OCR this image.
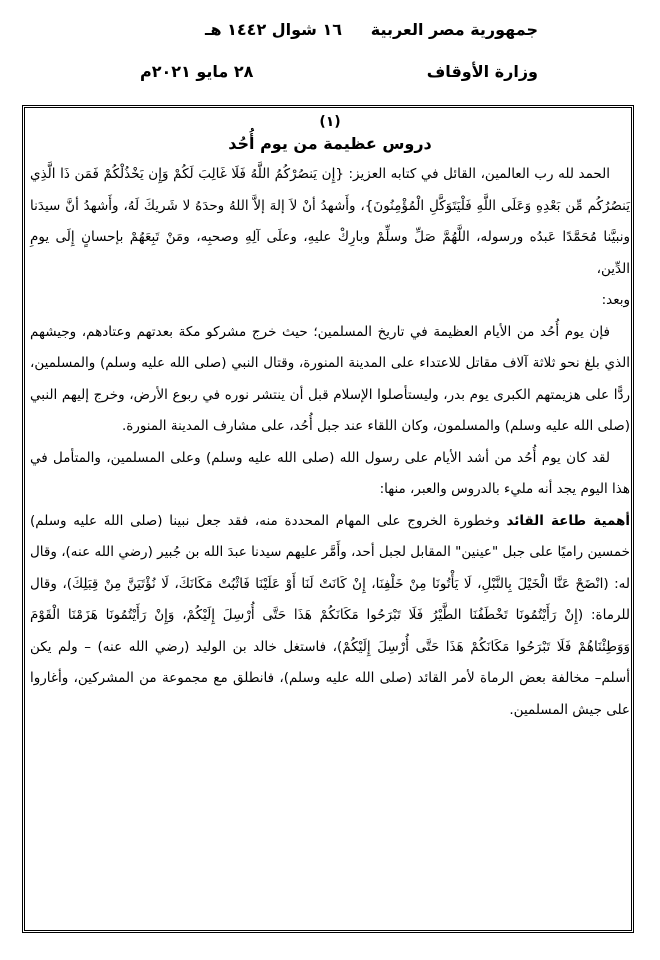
جمهورية مصر العربية
وزارة الأوقاف
١٦ شوال ١٤٤٢ هـ
٢٨ مايو ٢٠٢١م
(١)
دروس عظيمة من يوم أُحُد

الحمد لله رب العالمين، القائل في كتابه العزيز: {إِن يَنصُرْكُمُ اللَّهُ فَلَا غَالِبَ لَكُمْ وَإِن يَخْذُلْكُمْ فَمَن ذَا الَّذِي يَنصُرُكُم مِّن بَعْدِهِ وَعَلَى اللَّهِ فَلْيَتَوَكَّلِ الْمُؤْمِنُونَ}، وأَشهدُ أنْ لاَ إلهَ إلاَّ اللهُ وحدَهُ لا شَريكَ لَهُ، وأَشهدُ أنَّ سيدَنا ونبيَّنا مُحَمَّدًا عَبدُه ورسوله، اللَّهُمَّ صَلِّ وسلِّمْ وبارِكْ عليهِ، وعلَى آلِهِ وصحبِه، ومَنْ تَبِعَهُمْ بإحسانٍ إِلَى يومِ الدِّين،

وبعد:

فإن يوم أُحُد من الأيام العظيمة في تاريخ المسلمين؛ حيث خرج مشركو مكة بعدتهم وعتادهم، وجيشهم الذي بلغ نحو ثلاثة آلاف مقاتل للاعتداء على المدينة المنورة، وقتال النبي (صلى الله عليه وسلم) والمسلمين، ردًّا على هزيمتهم الكبرى يوم بدر، وليستأصلوا الإسلام قبل أن ينتشر نوره في ربوع الأرض، وخرج إليهم النبي (صلى الله عليه وسلم) والمسلمون، وكان اللقاء عند جبل أُحُد، على مشارف المدينة المنورة.

لقد كان يوم أُحُد من أشد الأيام على رسول الله (صلى الله عليه وسلم) وعلى المسلمين، والمتأمل في هذا اليوم يجد أنه مليء بالدروس والعبر، منها:

أهمية طاعة القائد وخطورة الخروج على المهام المحددة منه، فقد جعل نبينا (صلى الله عليه وسلم) خمسين راميًا على جبل "عينين" المقابل لجبل أحد، وأَمَّر عليهم سيدنا عبدَ الله بن جُبير (رضي الله عنه)، وقال له: (انْضَحْ عَنَّا الْخَيْلَ بِالنَّبْلِ، لَا يَأْتُونَا مِنْ خَلْفِنَا، إِنْ كَانَتْ لَنَا أَوْ عَلَيْنَا فَاثْبُتْ مَكَانَكَ، لَا نُؤْتَيَنَّ مِنْ قِبَلِكَ)، وقال للرماة: (إِنْ رَأَيْتُمُونَا تَخْطَفُنَا الطَّيْرُ فَلَا تَبْرَحُوا مَكَانَكُمْ هَذَا حَتَّى أُرْسِلَ إِلَيْكُمْ، وَإِنْ رَأَيْتُمُونَا هَزَمْنَا الْقَوْمَ وَوَطِئْنَاهُمْ فَلَا تَبْرَحُوا مَكَانَكُمْ هَذَا حَتَّى أُرْسِلَ إِلَيْكُمْ)، فاستغل خالد بن الوليد (رضي الله عنه) – ولم يكن أسلم– مخالفة بعض الرماة لأمر القائد (صلى الله عليه وسلم)، فانطلق مع مجموعة من المشركين، وأغاروا على جيش المسلمين.
